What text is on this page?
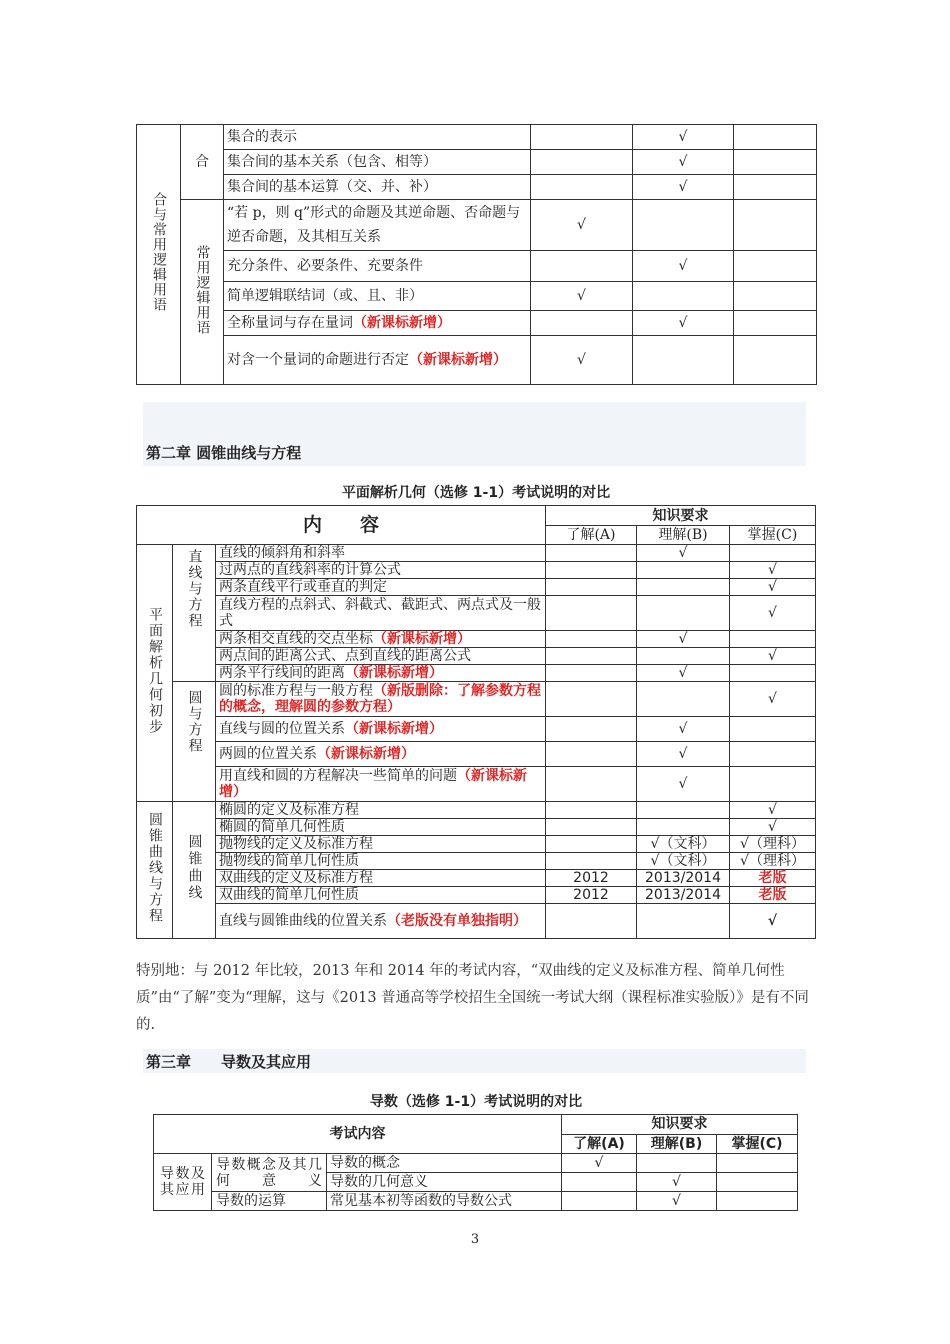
合与常用逻辑用语	合	集合的表示		√	
		集合间的基本关系（包含、相等）		√	
		集合间的基本运算（交、并、补）		√	
	常用逻辑用语	“若 p，则 q”形式的命题及其逆命题、否命题与逆否命题，及其相互关系	√		
		充分条件、必要条件、充要条件		√	
		简单逻辑联结词（或、且、非）	√		
		全称量词与存在量词（新课标新增）		√	
		对含一个量词的命题进行否定（新课标新增）	√		
第二章 圆锥曲线与方程
平面解析几何（选修 1-1）考试说明的对比
内　　容			知识要求		
			了解(A)	理解(B)	掌握(C)
平面解析几何初步	直线与方程	直线的倾斜角和斜率		√	
		过两点的直线斜率的计算公式			√
		两条直线平行或垂直的判定			√
		直线方程的点斜式、斜截式、截距式、两点式及一般式			√
		两条相交直线的交点坐标（新课标新增）		√	
		两点间的距离公式、点到直线的距离公式			√
		两条平行线间的距离（新课标新增）		√	
	圆与方程	圆的标准方程与一般方程（新版删除：了解参数方程的概念，理解圆的参数方程）			√
		直线与圆的位置关系（新课标新增）		√	
		两圆的位置关系（新课标新增）		√	
		用直线和圆的方程解决一些简单的问题（新课标新增）		√	
圆锥曲线与方程	圆锥曲线	椭圆的定义及标准方程			√
		椭圆的简单几何性质			√
		抛物线的定义及标准方程		√（文科）	√（理科）
		抛物线的简单几何性质		√（文科）	√（理科）
		双曲线的定义及标准方程	2012	2013/2014	老版
		双曲线的简单几何性质	2012	2013/2014	老版
		直线与圆锥曲线的位置关系（老版没有单独指明）			√
特别地：与 2012 年比较，2013 年和 2014 年的考试内容，“双曲线的定义及标准方程、简单几何性质”由“了解”变为“理解，这与《2013 普通高等学校招生全国统一考试大纲（课程标准实验版）》是有不同的.
第三章　　导数及其应用
导数（选修 1-1）考试说明的对比
考试内容			知识要求		
			了解(A)	理解(B)	掌握(C)
导数及其应用	导数概念及其几何意义	导数的概念	√		
		导数的几何意义		√	
	导数的运算	常见基本初等函数的导数公式		√	
3
